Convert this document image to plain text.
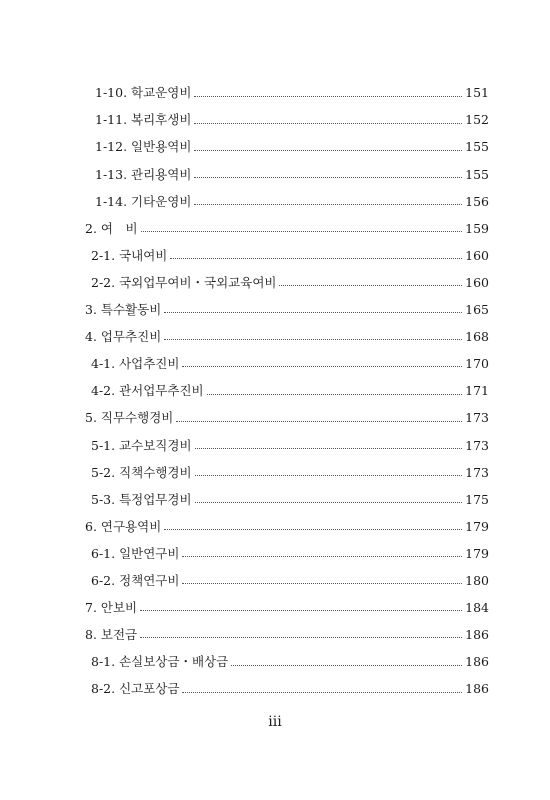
1-10. 학교운영비	151
1-11. 복리후생비	152
1-12. 일반용역비	155
1-13. 관리용역비	155
1-14. 기타운영비	156
2. 여　비	159
2-1. 국내여비	160
2-2. 국외업무여비・국외교육여비	160
3. 특수활동비	165
4. 업무추진비	168
4-1. 사업추진비	170
4-2. 관서업무추진비	171
5. 직무수행경비	173
5-1. 교수보직경비	173
5-2. 직책수행경비	173
5-3. 특정업무경비	175
6. 연구용역비	179
6-1. 일반연구비	179
6-2. 정책연구비	180
7. 안보비	184
8. 보전금	186
8-1. 손실보상금・배상금	186
8-2. 신고포상금	186
iii
